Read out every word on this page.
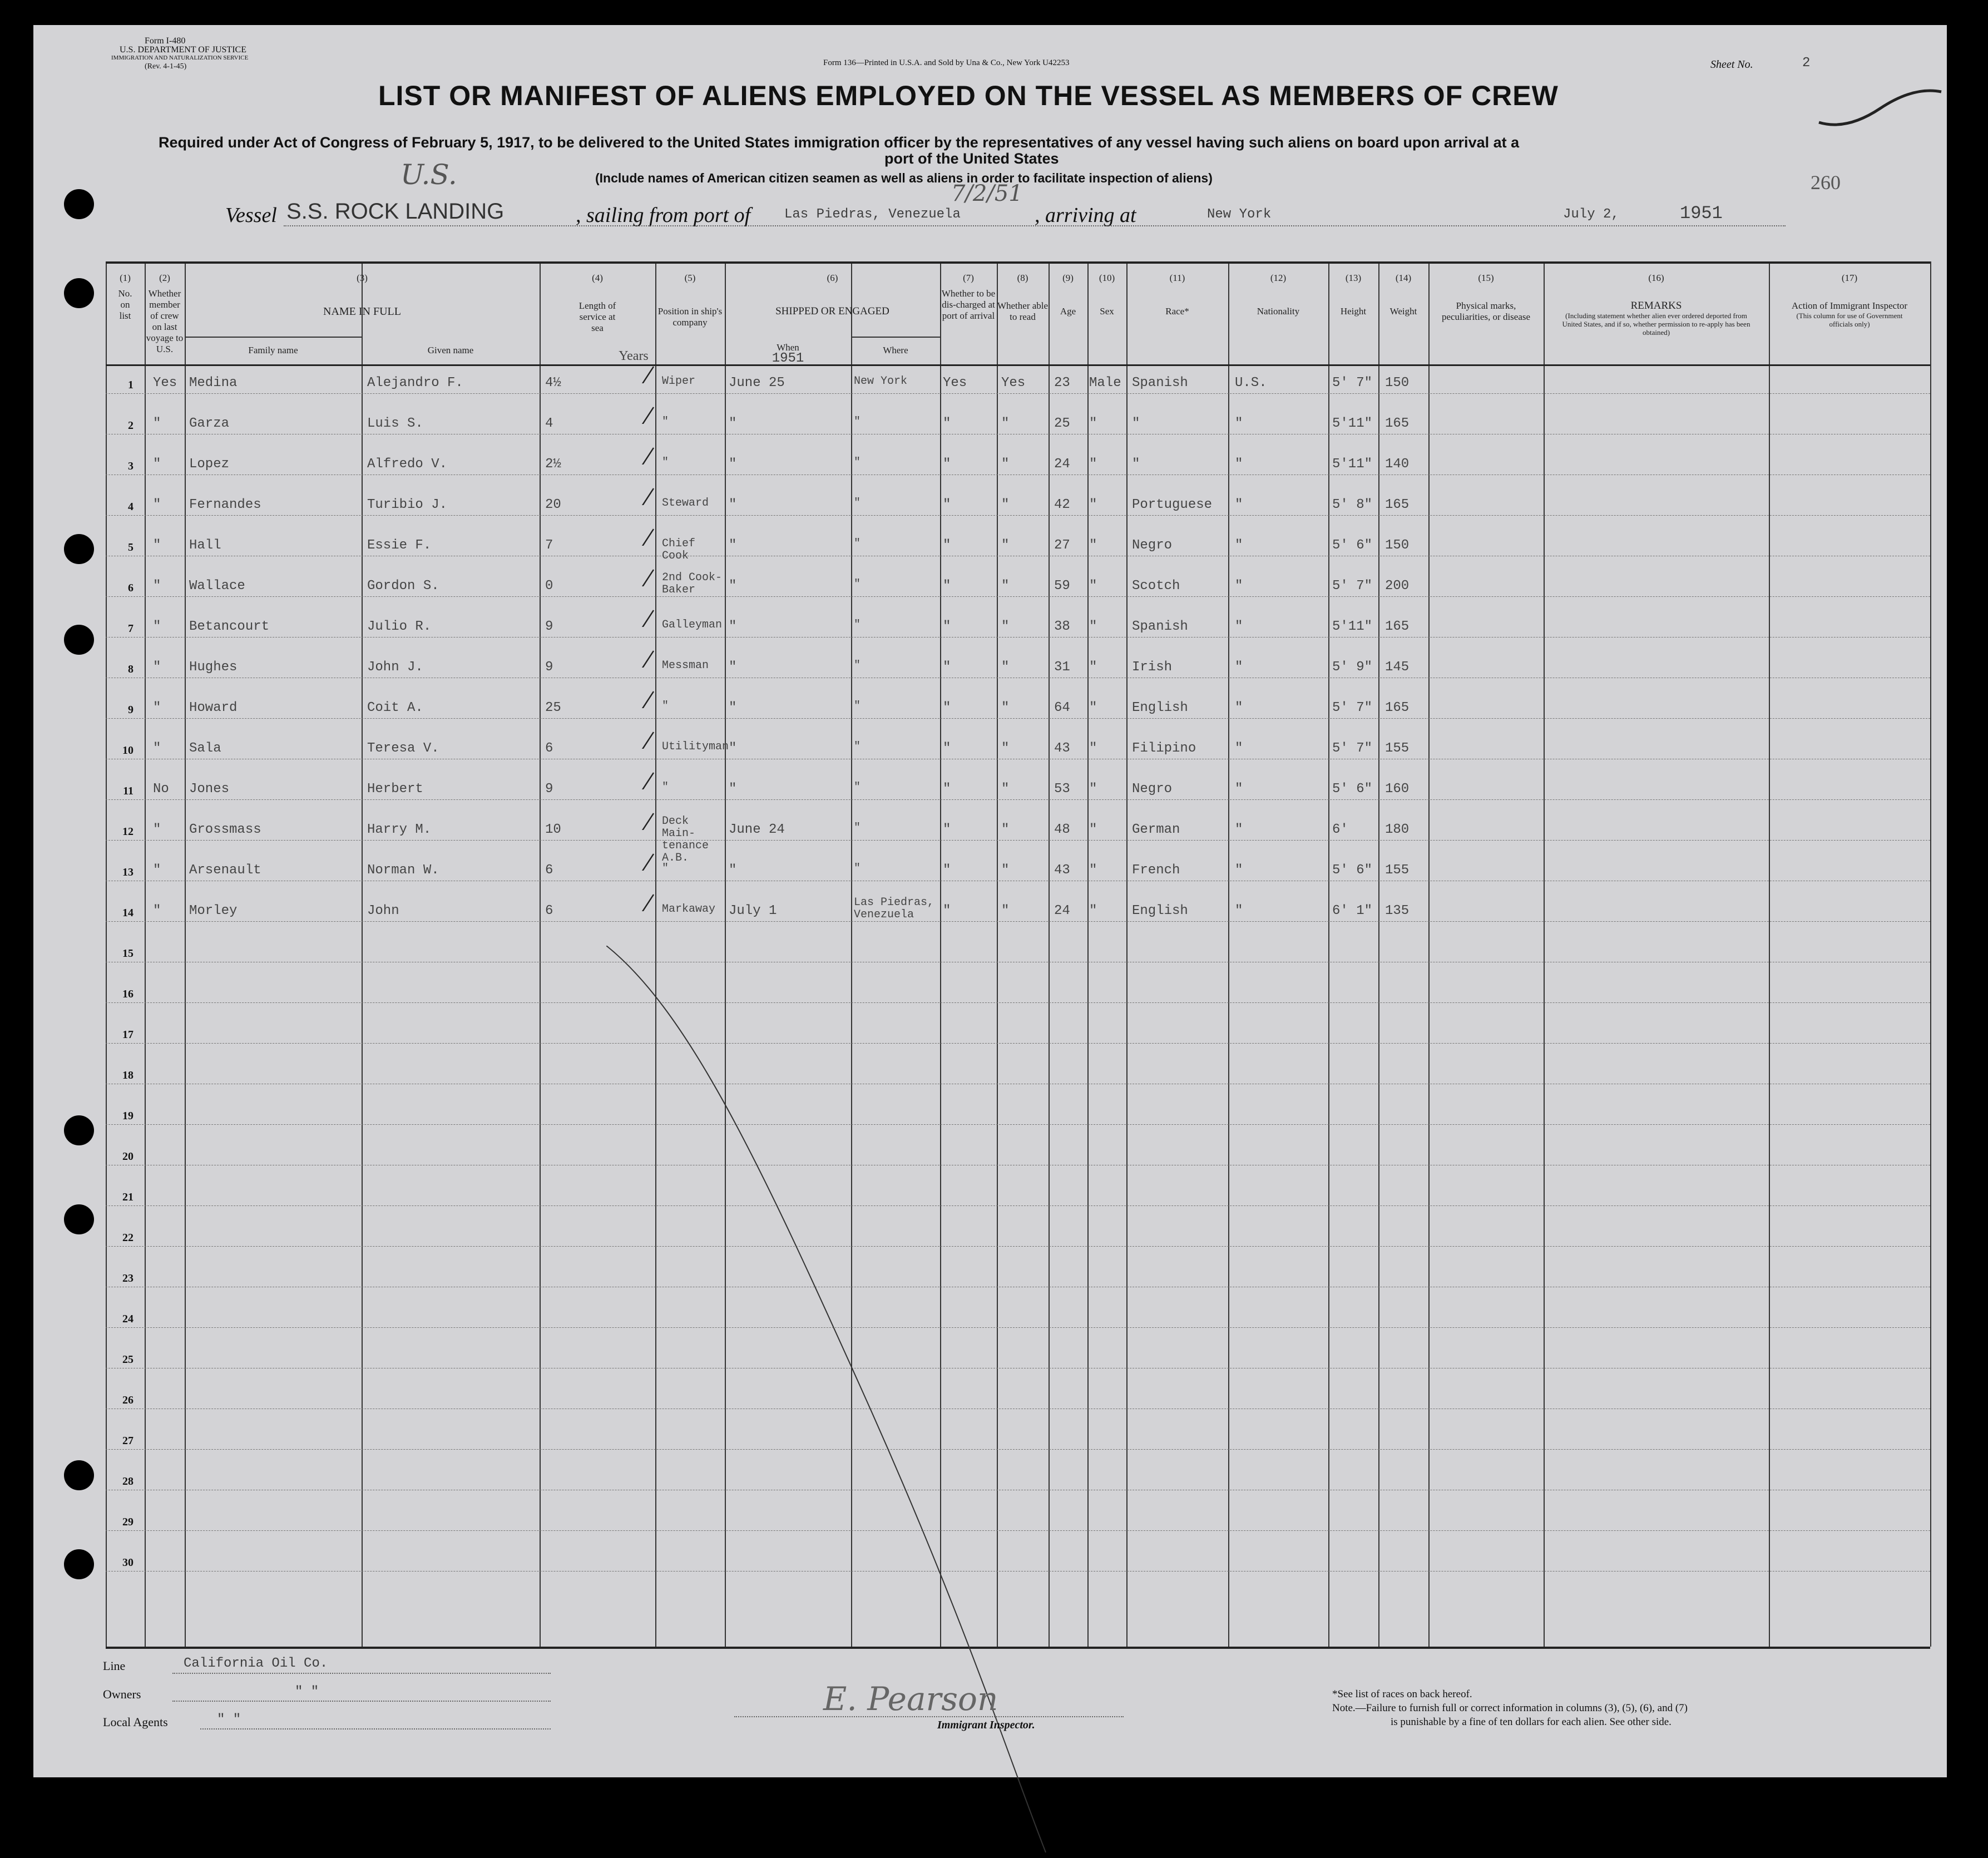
Form I-480
U.S. DEPARTMENT OF JUSTICE
IMMIGRATION AND NATURALIZATION SERVICE
(Rev. 4-1-45)	Form 136—Printed in U.S.A. and Sold by Una & Co., New York U42253	Sheet No.	2
LIST OR MANIFEST OF ALIENS EMPLOYED ON THE VESSEL AS MEMBERS OF CREW
Required under Act of Congress of February 5, 1917, to be delivered to the United States immigration officer by the representatives of any vessel having such aliens on board upon arrival at a
port of the United States
(Include names of American citizen seamen as well as aliens in order to facilitate inspection of aliens)	260
U.S.
7/2/51
Vessel S.S. ROCK LANDING	, sailing from port of	Las Piedras, Venezuela	, arriving at	New York	July 2,	1951
(1)
No. on list
(2)
Whether member of crew on last voyage to U.S.
(3)
NAME IN FULL
Family name	Given name
(4)
Length of service at sea
Years
(5)
Position in ship's company
(6)
SHIPPED OR ENGAGED
When
1951
Where
(7)
Whether to be dis-charged at port of arrival
(8)
Whether able to read
(9)
Age
(10)
Sex
(11)
Race*
(12)
Nationality
(13)
Height
(14)
Weight
(15)
Physical marks, peculiarities, or disease
(16)
REMARKS
(Including statement whether alien ever ordered deported from United States, and if so, whether permission to re-apply has been obtained)
(17)
Action of Immigrant Inspector
(This column for use of Government officials only)
1
2
3
4
5
6
7
8
9
10
11
12
13
14
15
16
17
18
19
20
21
22
23
24
25
26
27
28
29
30
Yes Medina	Alejandro F.	4½	Wiper	June 25	New York	Yes	Yes 23 Male Spanish	U.S.	5' 7" 150
" Garza	Luis S.	4	"	"	"	"	"	25 "	"	"	5'11" 165
" Lopez	Alfredo V.	2½	"	"	"	"	"	24 "	"	"	5'11" 140
" Fernandes	Turibio J.	20	Steward	"	"	"	"	42 "	Portuguese "	5' 8" 165
" Hall	Essie F.	7	Chief Cook
"	"	"	"	27 "	Negro	"	5' 6" 150
" Wallace	Gordon S.	0
2nd Cook-Baker	"	"	"	"	59 "	Scotch	"	5' 7" 200
" Betancourt	Julio R.	9	Galleyman "	"	"	"	38 "	Spanish	"	5'11" 165
" Hughes	John J.	9	Messman	"	"	"	"	31 "	Irish	"	5' 9" 145
" Howard	Coit A.	25	"	"	"	"	"	64 "	English	"	5' 7" 165
" Sala	Teresa V.	6	Utilityman "	"	"	"	43 "	Filipino	"	5' 7" 155
No Jones	Herbert	9	"	"	"	"	"	53 "	Negro	"	5' 6" 160
" Grossmass	Harry M.	10
Deck Main-tenance A.B.
June 24	"	"	"	48 "	German	"	6'	180
" Arsenault	Norman W.	6	"	"	"	"	"	43 "	French	"	5' 6" 155
" Morley	John	6	Markaway July 1
Las Piedras, Venezuela	"	"	24 "	English	"	6' 1" 135
Line	California Oil Co.
Owners	" "
Local Agents	" "
E. Pearson
Immigrant Inspector.
*See list of races on back hereof.
Note.—Failure to furnish full or correct information in columns (3), (5), (6), and (7)
is punishable by a fine of ten dollars for each alien. See other side.
